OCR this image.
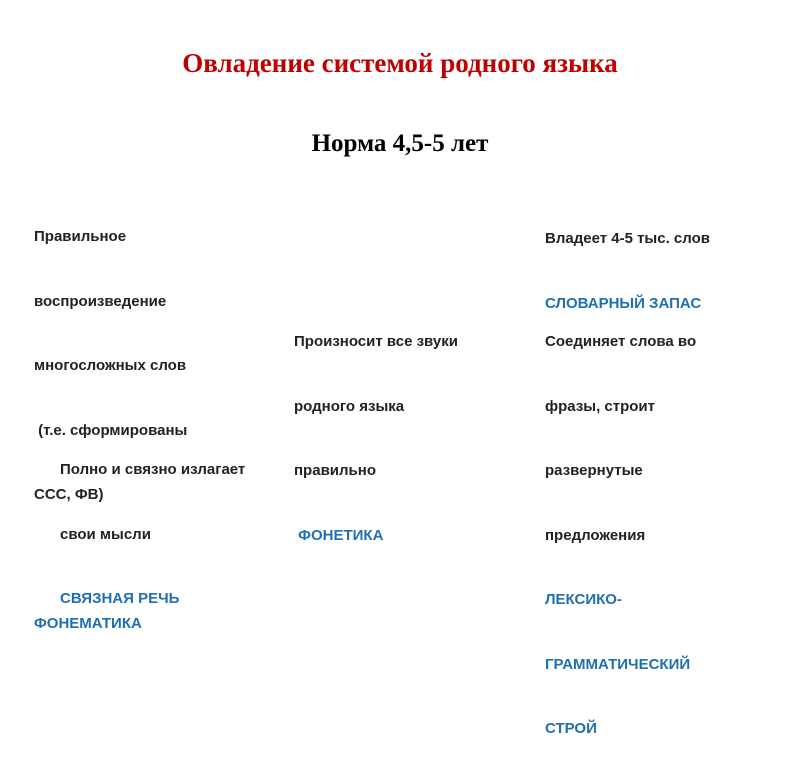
Овладение системой родного языка
Норма 4,5-5 лет

Правильное

воспроизведение

многосложных слов

(т.е. сформированы

ССС, ФВ)

ФОНЕМАТИКА

Владеет 4-5 тыс. слов

СЛОВАРНЫЙ ЗАПАС

Произносит все звуки

родного языка

правильно

ФОНЕТИКА

Соединяет слова во

фразы, строит

развернутые

предложения

ЛЕКСИКО-

ГРАММАТИЧЕСКИЙ

СТРОЙ

Полно и связно излагает

свои мысли

СВЯЗНАЯ РЕЧЬ
